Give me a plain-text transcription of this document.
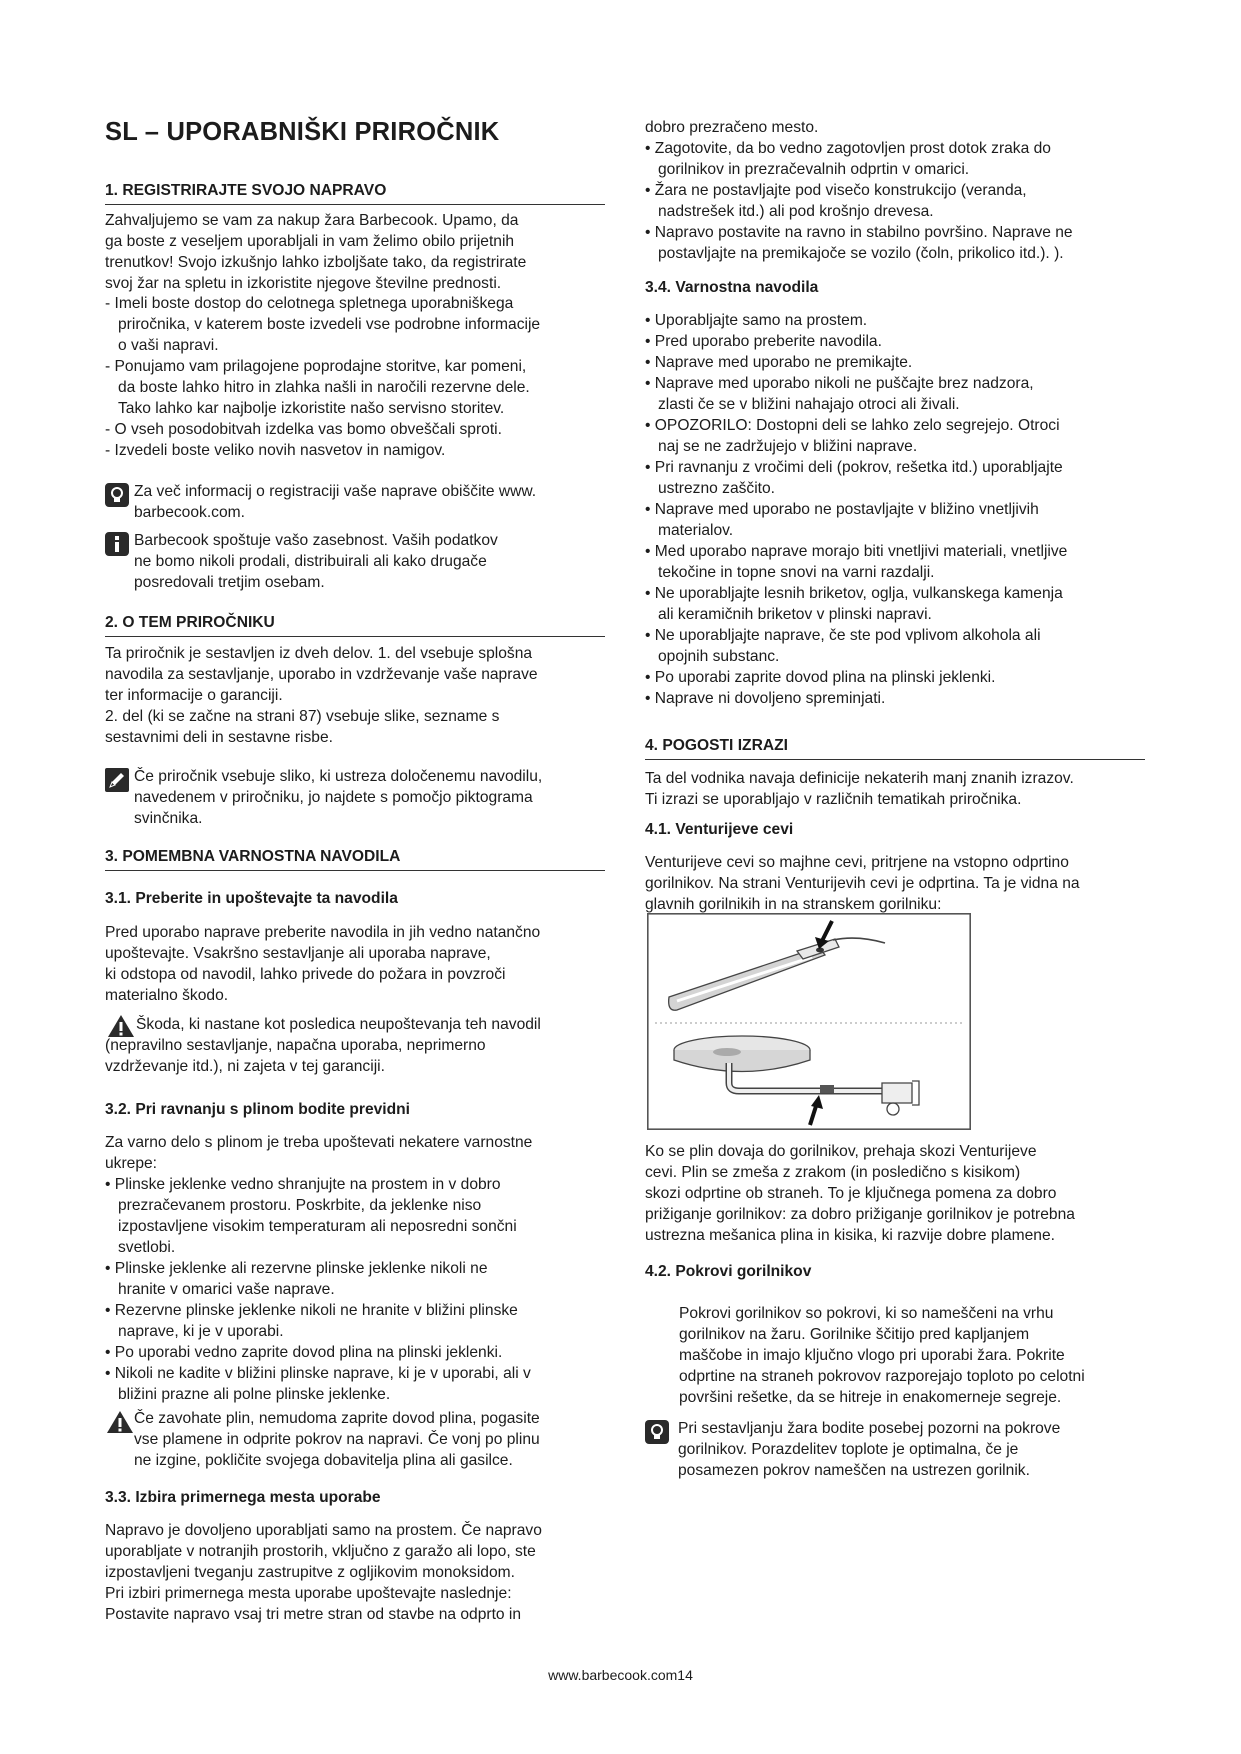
SL – UPORABNIŠKI PRIROČNIK
1. REGISTRIRAJTE SVOJO NAPRAVO
Zahvaljujemo se vam za nakup žara Barbecook. Upamo, da
ga boste z veseljem uporabljali in vam želimo obilo prijetnih
trenutkov! Svojo izkušnjo lahko izboljšate tako, da registrirate
svoj žar na spletu in izkoristite njegove številne prednosti.
- Imeli boste dostop do celotnega spletnega uporabniškega
priročnika, v katerem boste izvedeli vse podrobne informacije
o vaši napravi.
- Ponujamo vam prilagojene poprodajne storitve, kar pomeni,
da boste lahko hitro in zlahka našli in naročili rezervne dele.
Tako lahko kar najbolje izkoristite našo servisno storitev.
- O vseh posodobitvah izdelka vas bomo obveščali sproti.
- Izvedeli boste veliko novih nasvetov in namigov.
Za več informacij o registraciji vaše naprave obiščite www.
barbecook.com.
Barbecook spoštuje vašo zasebnost. Vaših podatkov
ne bomo nikoli prodali, distribuirali ali kako drugače
posredovali tretjim osebam.
2. O TEM PRIROČNIKU
Ta priročnik je sestavljen iz dveh delov. 1. del vsebuje splošna
navodila za sestavljanje, uporabo in vzdrževanje vaše naprave
ter informacije o garanciji.
2. del (ki se začne na strani 87) vsebuje slike, sezname s
sestavnimi deli in sestavne risbe.
Če priročnik vsebuje sliko, ki ustreza določenemu navodilu,
navedenem v priročniku, jo najdete s pomočjo piktograma
svinčnika.
3. POMEMBNA VARNOSTNA NAVODILA
3.1. Preberite in upoštevajte ta navodila
Pred uporabo naprave preberite navodila in jih vedno natančno
upoštevajte. Vsakršno sestavljanje ali uporaba naprave,
ki odstopa od navodil, lahko privede do požara in povzroči
materialno škodo.
Škoda, ki nastane kot posledica neupoštevanja teh navodil
(nepravilno sestavljanje, napačna uporaba, neprimerno
vzdrževanje itd.), ni zajeta v tej garanciji.
3.2. Pri ravnanju s plinom bodite previdni
Za varno delo s plinom je treba upoštevati nekatere varnostne
ukrepe:
• Plinske jeklenke vedno shranjujte na prostem in v dobro
prezračevanem prostoru. Poskrbite, da jeklenke niso
izpostavljene visokim temperaturam ali neposredni sončni
svetlobi.
• Plinske jeklenke ali rezervne plinske jeklenke nikoli ne
hranite v omarici vaše naprave.
• Rezervne plinske jeklenke nikoli ne hranite v bližini plinske
naprave, ki je v uporabi.
• Po uporabi vedno zaprite dovod plina na plinski jeklenki.
• Nikoli ne kadite v bližini plinske naprave, ki je v uporabi, ali v
bližini prazne ali polne plinske jeklenke.
Če zavohate plin, nemudoma zaprite dovod plina, pogasite
vse plamene in odprite pokrov na napravi. Če vonj po plinu
ne izgine, pokličite svojega dobavitelja plina ali gasilce.
3.3. Izbira primernega mesta uporabe
Napravo je dovoljeno uporabljati samo na prostem. Če napravo
uporabljate v notranjih prostorih, vključno z garažo ali lopo, ste
izpostavljeni tveganju zastrupitve z ogljikovim monoksidom.
Pri izbiri primernega mesta uporabe upoštevajte naslednje:
Postavite napravo vsaj tri metre stran od stavbe na odprto in
dobro prezračeno mesto.
• Zagotovite, da bo vedno zagotovljen prost dotok zraka do
gorilnikov in prezračevalnih odprtin v omarici.
• Žara ne postavljajte pod visečo konstrukcijo (veranda,
nadstrešek itd.) ali pod krošnjo drevesa.
• Napravo postavite na ravno in stabilno površino. Naprave ne
postavljajte na premikajoče se vozilo (čoln, prikolico itd.). ).
3.4. Varnostna navodila
• Uporabljajte samo na prostem.
• Pred uporabo preberite navodila.
• Naprave med uporabo ne premikajte.
• Naprave med uporabo nikoli ne puščajte brez nadzora,
zlasti če se v bližini nahajajo otroci ali živali.
• OPOZORILO: Dostopni deli se lahko zelo segrejejo. Otroci
naj se ne zadržujejo v bližini naprave.
• Pri ravnanju z vročimi deli (pokrov, rešetka itd.) uporabljajte
ustrezno zaščito.
• Naprave med uporabo ne postavljajte v bližino vnetljivih
materialov.
• Med uporabo naprave morajo biti vnetljivi materiali, vnetljive
tekočine in topne snovi na varni razdalji.
• Ne uporabljajte lesnih briketov, oglja, vulkanskega kamenja
ali keramičnih briketov v plinski napravi.
• Ne uporabljajte naprave, če ste pod vplivom alkohola ali
opojnih substanc.
• Po uporabi zaprite dovod plina na plinski jeklenki.
• Naprave ni dovoljeno spreminjati.
4. POGOSTI IZRAZI
Ta del vodnika navaja definicije nekaterih manj znanih izrazov.
Ti izrazi se uporabljajo v različnih tematikah priročnika.
4.1. Venturijeve cevi
Venturijeve cevi so majhne cevi, pritrjene na vstopno odprtino
gorilnikov. Na strani Venturijevih cevi je odprtina. Ta je vidna na
glavnih gorilnikih in na stranskem gorilniku:
Ko se plin dovaja do gorilnikov, prehaja skozi Venturijeve
cevi. Plin se zmeša z zrakom (in posledično s kisikom)
skozi odprtine ob straneh. To je ključnega pomena za dobro
prižiganje gorilnikov: za dobro prižiganje gorilnikov je potrebna
ustrezna mešanica plina in kisika, ki razvije dobre plamene.
4.2. Pokrovi gorilnikov
Pokrovi gorilnikov so pokrovi, ki so nameščeni na vrhu
gorilnikov na žaru. Gorilnike ščitijo pred kapljanjem
maščobe in imajo ključno vlogo pri uporabi žara. Pokrite
odprtine na straneh pokrovov razporejajo toploto po celotni
površini rešetke, da se hitreje in enakomerneje segreje.
Pri sestavljanju žara bodite posebej pozorni na pokrove
gorilnikov. Porazdelitev toplote je optimalna, če je
posamezen pokrov nameščen na ustrezen gorilnik.
www.barbecook.com14
